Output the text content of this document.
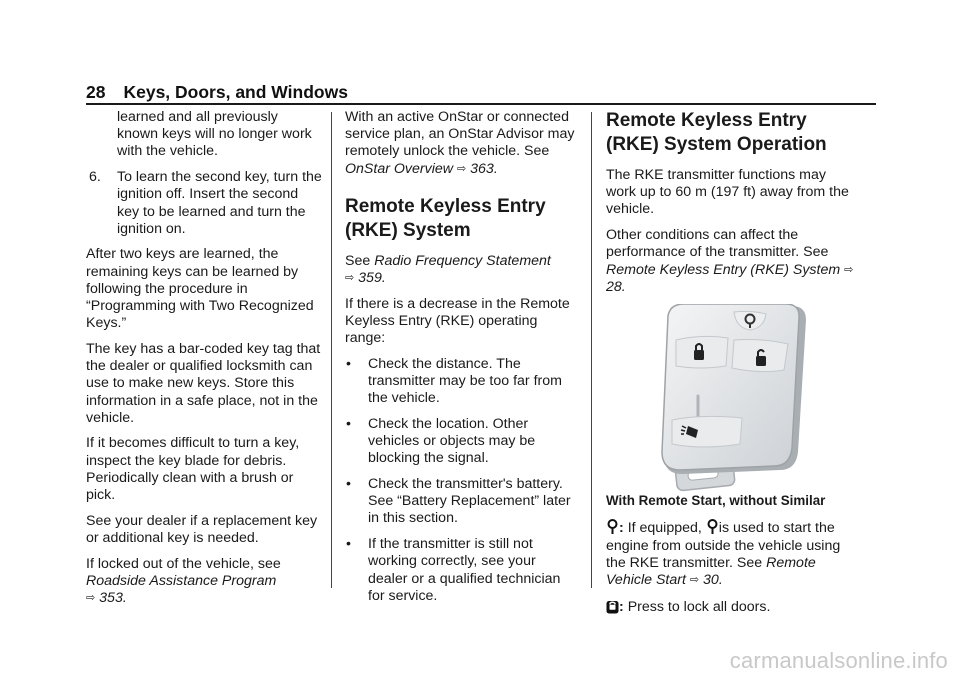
28 Keys, Doors, and Windows

learned and all previously known keys will no longer work with the vehicle.

6. To learn the second key, turn the ignition off. Insert the second key to be learned and turn the ignition on.

After two keys are learned, the remaining keys can be learned by following the procedure in “Programming with Two Recognized Keys.”

The key has a bar-coded key tag that the dealer or qualified locksmith can use to make new keys. Store this information in a safe place, not in the vehicle.

If it becomes difficult to turn a key, inspect the key blade for debris. Periodically clean with a brush or pick.

See your dealer if a replacement key or additional key is needed.

If locked out of the vehicle, see
Roadside Assistance Program
⇨ 353.

With an active OnStar or connected service plan, an OnStar Advisor may remotely unlock the vehicle. See OnStar Overview ⇨ 363.

Remote Keyless Entry (RKE) System

See Radio Frequency Statement
⇨ 359.

If there is a decrease in the Remote Keyless Entry (RKE) operating range:

• Check the distance. The transmitter may be too far from the vehicle.

• Check the location. Other vehicles or objects may be blocking the signal.

• Check the transmitter's battery. See “Battery Replacement” later in this section.

• If the transmitter is still not working correctly, see your dealer or a qualified technician for service.

Remote Keyless Entry (RKE) System Operation

The RKE transmitter functions may work up to 60 m (197 ft) away from the vehicle.

Other conditions can affect the performance of the transmitter. See Remote Keyless Entry (RKE) System ⇨ 28.

With Remote Start, without Similar

: If equipped, is used to start the engine from outside the vehicle using the RKE transmitter. See Remote Vehicle Start ⇨ 30.

: Press to lock all doors.

carmanualsonline.info
